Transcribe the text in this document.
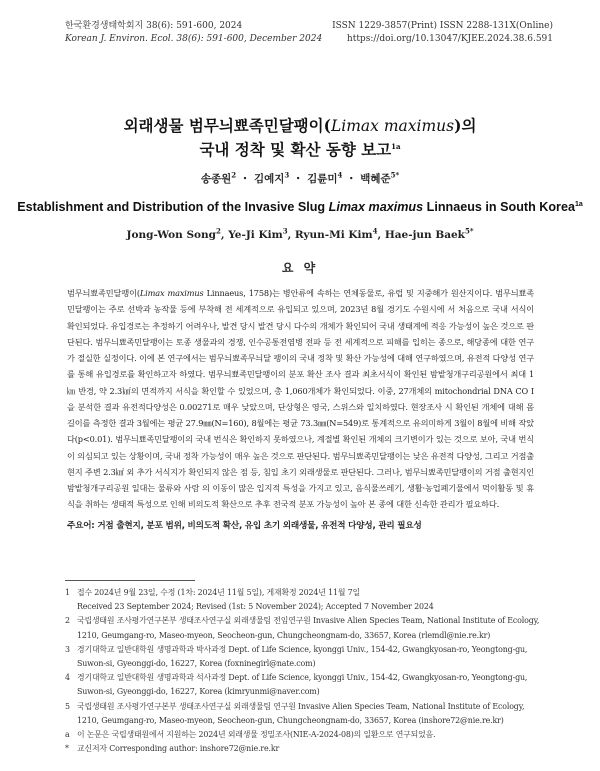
한국환경생태학회지 38(6): 591-600, 2024
Korean J. Environ. Ecol. 38(6): 591-600, December 2024
ISSN 1229-3857(Print) ISSN 2288-131X(Online)
https://doi.org/10.13047/KJEE.2024.38.6.591
외래생물 범무늬뾰족민달팽이(Limax maximus)의
국내 정착 및 확산 동향 보고$^{1a}$
송종원$^2$ ・ 김예지$^3$ ・ 김륜미$^4$ ・ 백혜준$^{5*}$
Establishment and Distribution of the Invasive Slug Limax maximus Linnaeus in South Korea$^{1a}$
Jong-Won Song$^2$, Ye-Ji Kim$^3$, Ryun-Mi Kim$^4$, Hae-jun Baek$^{5*}$
요 약
범무늬뾰족민달팽이(Limax maximus Linnaeus, 1758)는 병안류에 속하는 연체동물로, 유럽 및 지중해가 원산지이다. 범무늬뾰족민달팽이는 주로 선박과 농작물 등에 부착해 전 세계적으로 유입되고 있으며, 2023년 8월 경기도 수원시에 서 처음으로 국내 서식이 확인되었다. 유입경로는 추정하기 어려우나, 발견 당시 발견 당시 다수의 개체가 확인되어 국내 생태계에 적응 가능성이 높은 것으로 판단된다. 범무늬뾰족민달팽이는 토종 생물과의 경쟁, 인수공통전염병 전파 등 전 세계적으로 피해를 입히는 종으로, 해당종에 대한 연구가 절실한 실정이다. 이에 본 연구에서는 범무늬뾰족무늬달 팽이의 국내 정착 및 확산 가능성에 대해 연구하였으며, 유전적 다양성 연구를 통해 유입경로를 확인하고자 하였다. 범무늬뾰족민달팽이의 분포 확산 조사 결과 최초서식이 확인된 밤밭청개구리공원에서 최대 1㎞ 반경, 약 2.3㎢의 면적까지 서식을 확인할 수 있었으며, 총 1,060개체가 확인되었다. 이중, 27개체의 mitochondrial DNA CO Ⅰ 을 분석한 결과 유전적다양성은 0.00271로 매우 낮았으며, 단상형은 영국, 스위스와 일치하였다. 현장조사 시 확인된 개체에 대해 몸길이를 측정한 결과 3월에는 평균 27.9㎜(N=160), 8월에는 평균 73.3㎜(N=549)로 통계적으로 유의미하게 3월이 8월에 비해 작았다(p<0.01). 범무늬뾰족민달팽이의 국내 번식은 확인하지 못하였으나, 계절별 확인된 개체의 크기변이가 있는 것으로 보아, 국내 번식이 의심되고 있는 상황이며, 국내 정착 가능성이 매우 높은 것으로 판단된다. 범무늬뾰족민달팽이는 낮은 유전적 다양성, 그리고 거점출현지 주변 2.3㎢ 외 추가 서식지가 확인되지 않은 점 등, 침입 초기 외래생물로 판단된다. 그러나, 범무늬뾰족민달팽이의 거점 출현지인 밤밭청개구리공원 일대는 물류와 사람 의 이동이 많은 입지적 특성을 가지고 있고, 음식물쓰레기, 생활·농업폐기물에서 먹이활동 및 휴식을 취하는 생태적 특성으로 인해 비의도적 확산으로 추후 전국적 분포 가능성이 높아 본 종에 대한 신속한 관리가 필요하다.
주요어: 거점 출현지, 분포 범위, 비의도적 확산, 유입 초기 외래생물, 유전적 다양성, 관리 필요성
1 접수 2024년 9월 23일, 수정 (1차: 2024년 11월 5일), 게재확정 2024년 11월 7일
Received 23 September 2024; Revised (1st: 5 November 2024); Accepted 7 November 2024
2 국립생태원 조사평가연구본부 생태조사연구실 외래생물팀 전임연구원 Invasive Alien Species Team, National Institute of Ecology,
1210, Geumgang-ro, Maseo-myeon, Seocheon-gun, Chungcheongnam-do, 33657, Korea (rlemdl@nie.re.kr)
3 경기대학교 일반대학원 생명과학과 박사과정 Dept. of Life Science, kyonggi Univ., 154-42, Gwangkyosan-ro, Yeongtong-gu,
Suwon-si, Gyeonggi-do, 16227, Korea (foxninegirl@nate.com)
4 경기대학교 일반대학원 생명과학과 석사과정 Dept. of Life Science, kyonggi Univ., 154-42, Gwangkyosan-ro, Yeongtong-gu,
Suwon-si, Gyeonggi-do, 16227, Korea (kimryunmi@naver.com)
5 국립생태원 조사평가연구본부 생태조사연구실 외래생물팀 연구원 Invasive Alien Species Team, National Institute of Ecology,
1210, Geumgang-ro, Maseo-myeon, Seocheon-gun, Chungcheongnam-do, 33657, Korea (inshore72@nie.re.kr)
a 이 논문은 국립생태원에서 지원하는 2024년 외래생물 정밀조사(NIE-A-2024-08)의 일환으로 연구되었음.
* 교신저자 Corresponding author: inshore72@nie.re.kr
